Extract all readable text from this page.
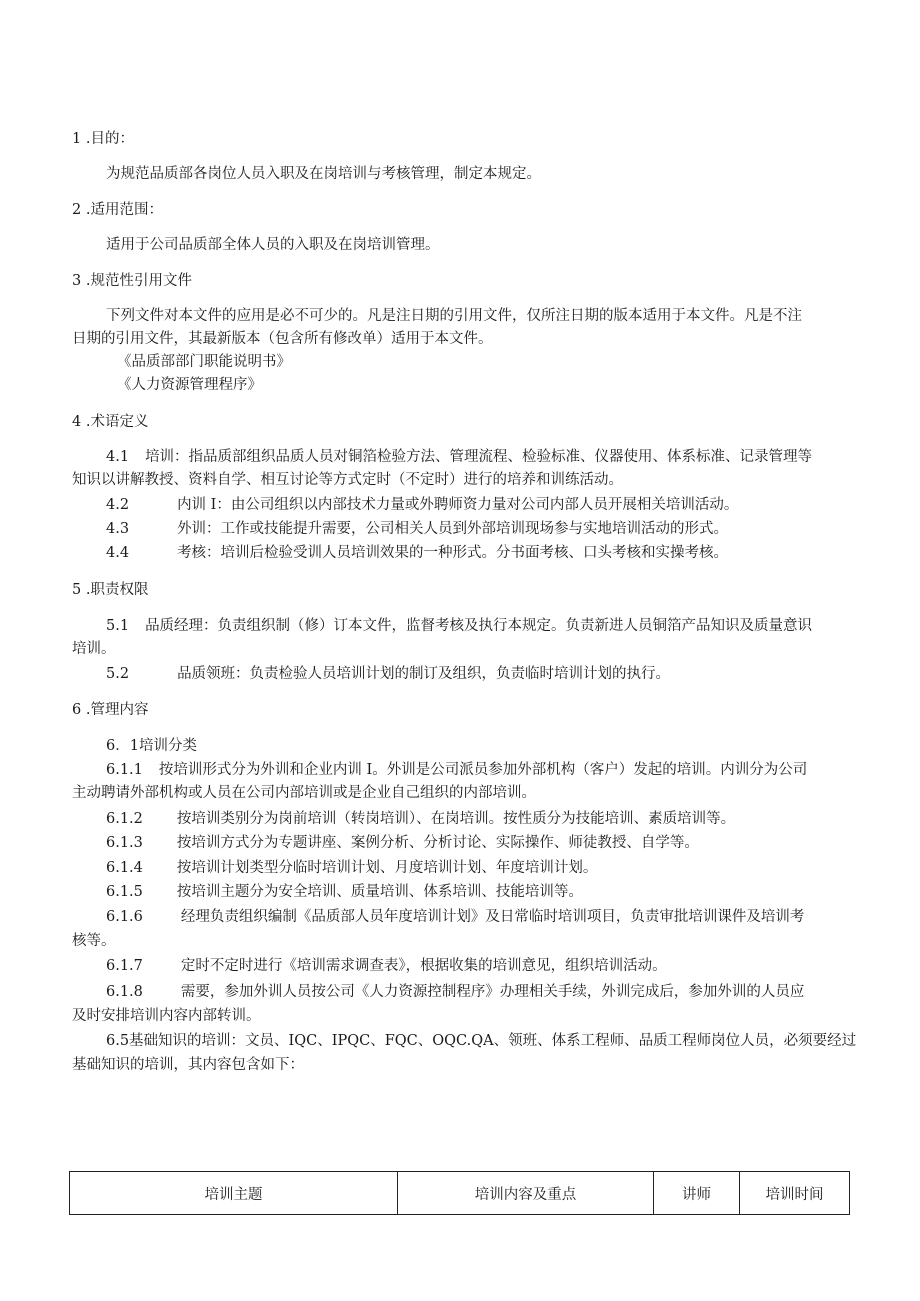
1 .目的：
为规范品质部各岗位人员入职及在岗培训与考核管理，制定本规定。
2 .适用范围：
适用于公司品质部全体人员的入职及在岗培训管理。
3 .规范性引用文件
下列文件对本文件的应用是必不可少的。凡是注日期的引用文件，仅所注日期的版本适用于本文件。凡是不注
日期的引用文件，其最新版本（包含所有修改单）适用于本文件。
《品质部部门职能说明书》
《人力资源管理程序》
4 .术语定义
4.1 培训：指品质部组织品质人员对铜箔检验方法、管理流程、检验标准、仪器使用、体系标准、记录管理等
知识以讲解教授、资料自学、相互讨论等方式定时（不定时）进行的培养和训练活动。
4.2	内训 I：由公司组织以内部技术力量或外聘师资力量对公司内部人员开展相关培训活动。
4.3	外训：工作或技能提升需要，公司相关人员到外部培训现场参与实地培训活动的形式。
4.4	考核：培训后检验受训人员培训效果的一种形式。分书面考核、口头考核和实操考核。
5 .职责权限
5.1 品质经理：负责组织制（修）订本文件，监督考核及执行本规定。负责新进人员铜箔产品知识及质量意识
培训。
5.2	品质领班：负责检验人员培训计划的制订及组织，负责临时培训计划的执行。
6 .管理内容
6．1培训分类
6.1.1 按培训形式分为外训和企业内训 I。外训是公司派员参加外部机构（客户）发起的培训。内训分为公司
主动聘请外部机构或人员在公司内部培训或是企业自己组织的内部培训。
6.1.2 按培训类别分为岗前培训（转岗培训）、在岗培训。按性质分为技能培训、素质培训等。
6.1.3 按培训方式分为专题讲座、案例分析、分析讨论、实际操作、师徒教授、自学等。
6.1.4 按培训计划类型分临时培训计划、月度培训计划、年度培训计划。
6.1.5 按培训主题分为安全培训、质量培训、体系培训、技能培训等。
6.1.6	经理负责组织编制《品质部人员年度培训计划》及日常临时培训项目，负责审批培训课件及培训考
核等。
6.1.7	定时不定时进行《培训需求调查表》，根据收集的培训意见，组织培训活动。
6.1.8	需要，参加外训人员按公司《人力资源控制程序》办理相关手续，外训完成后，参加外训的人员应
及时安排培训内容内部转训。
6.5基础知识的培训：文员、IQC、IPQC、FQC、OQC.QA、领班、体系工程师、品质工程师岗位人员，必须要经过
基础知识的培训，其内容包含如下：
培训主题	培训内容及重点	讲师	培训时间
